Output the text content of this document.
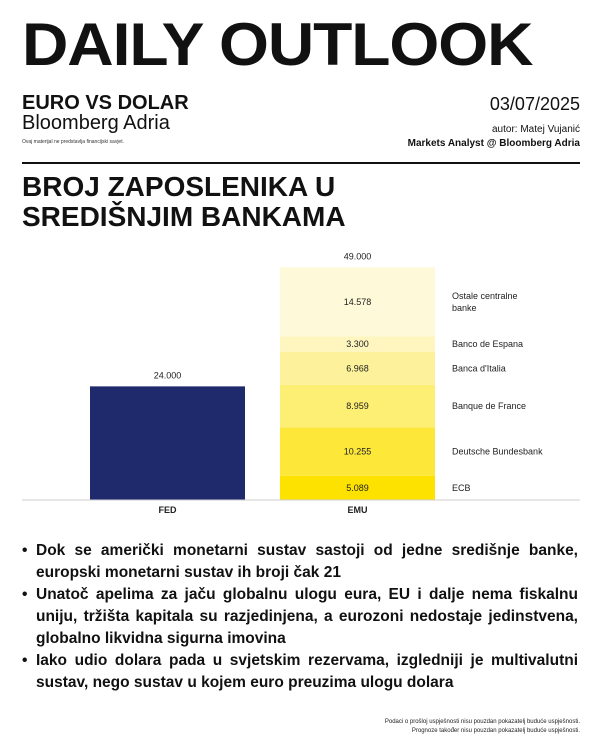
DAILY OUTLOOK
EURO VS DOLAR
Bloomberg Adria
Ovaj materijal ne predstavlja financijski savjet.
03/07/2025
autor: Matej Vujanić
Markets Analyst @ Bloomberg Adria
BROJ ZAPOSLENIKA U
SREDIŠNJIM BANKAMA
24.000
FED
5.089	ECB
10.255	Deutsche Bundesbank
8.959	Banque de France
6.968	Banca d'Italia
3.300	Banco de Espana
14.578
Ostale centralne
banke
49.000
EMU
• Dok se američki monetarni sustav sastoji od jedne središnje banke, europski monetarni sustav ih broji čak 21
• Unatoč apelima za jaču globalnu ulogu eura, EU i dalje nema fiskalnu uniju, tržišta kapitala su razjedinjena, a eurozoni nedostaje jedinstvena, globalno likvidna sigurna imovina
• Iako udio dolara pada u svjetskim rezervama, izgledniji je multivalutni sustav, nego sustav u kojem euro preuzima ulogu dolara
Podaci o prošlој uspješnosti nisu pouzdan pokazatelj buduće uspješnosti.
Prognoze također nisu pouzdan pokazatelj buduće uspješnosti.
